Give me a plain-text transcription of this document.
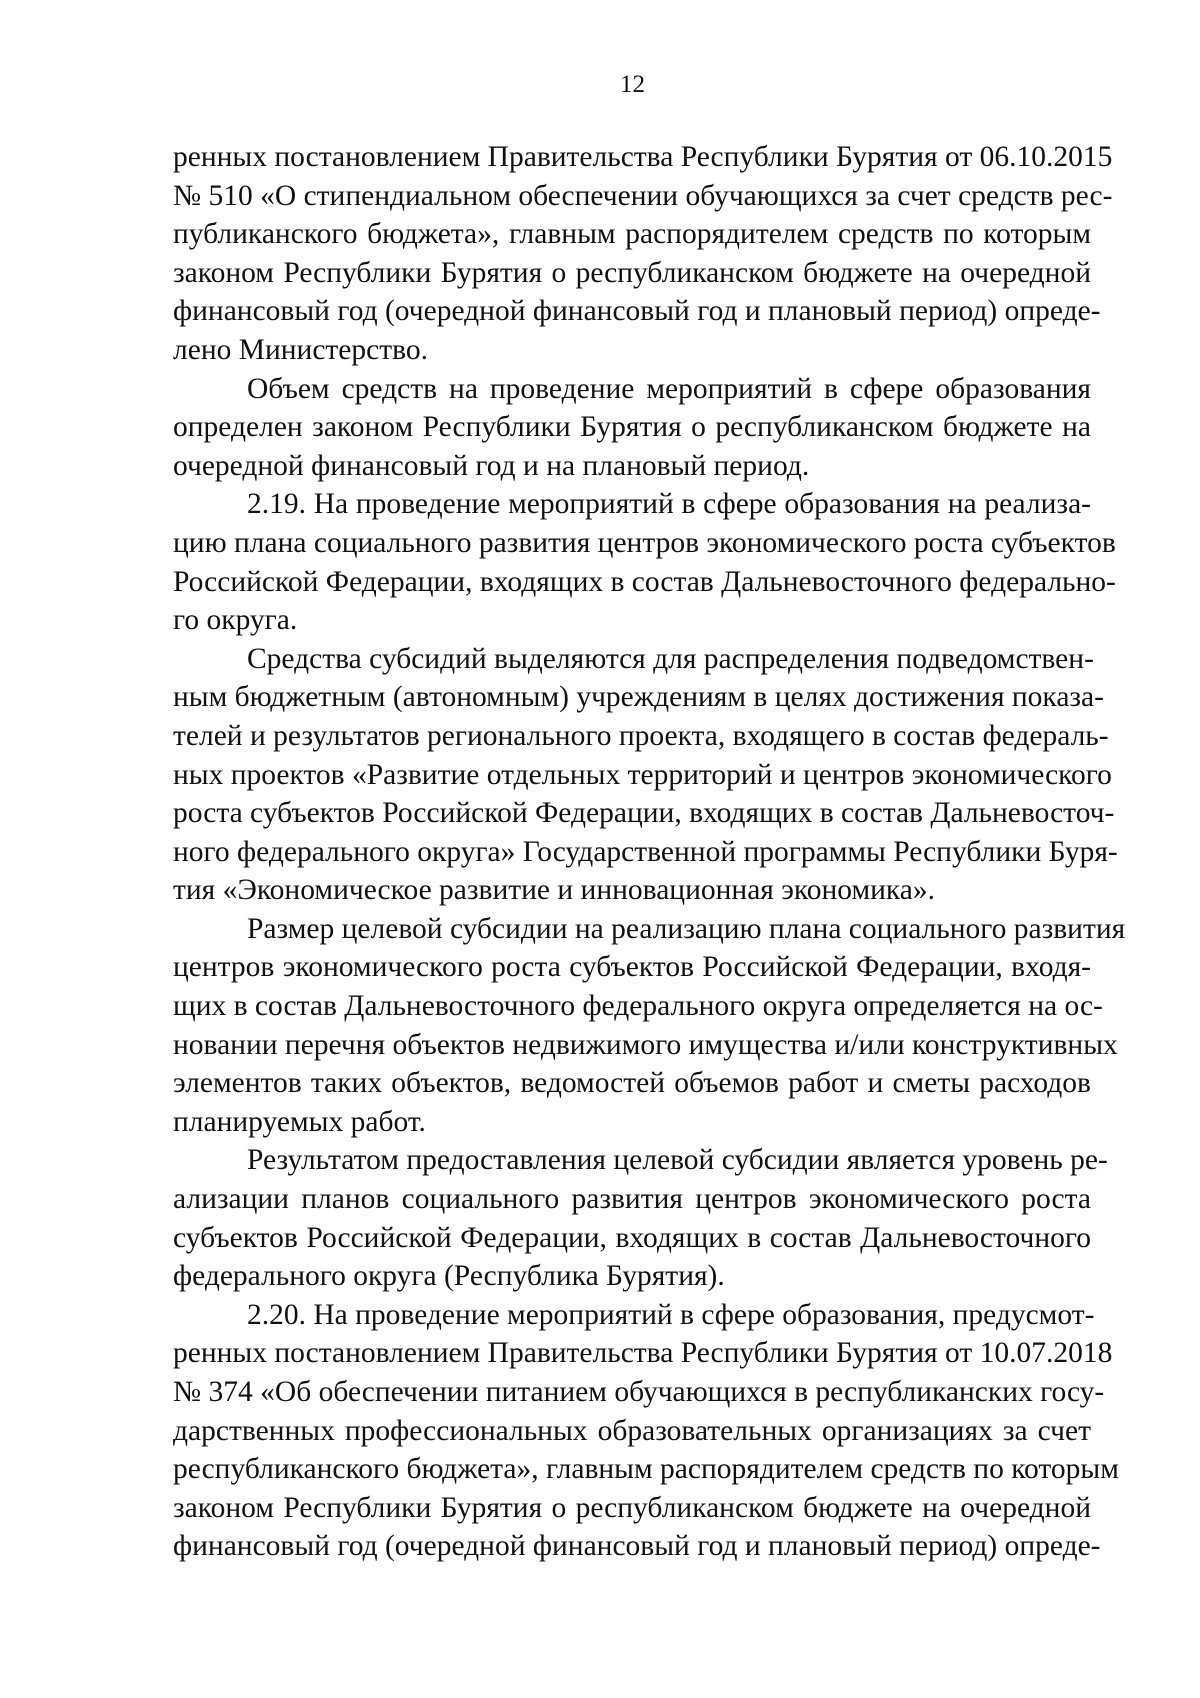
12
ренных постановлением Правительства Республики Бурятия от 06.10.2015
№ 510 «О стипендиальном обеспечении обучающихся за счет средств рес-
публиканского бюджета», главным распорядителем средств по которым
законом Республики Бурятия о республиканском бюджете на очередной
финансовый год (очередной финансовый год и плановый период) опреде-
лено Министерство.
Объем средств на проведение мероприятий в сфере образования
определен законом Республики Бурятия о республиканском бюджете на
очередной финансовый год и на плановый период.
2.19. На проведение мероприятий в сфере образования на реализа-
цию плана социального развития центров экономического роста субъектов
Российской Федерации, входящих в состав Дальневосточного федерально-
го округа.
Средства субсидий выделяются для распределения подведомствен-
ным бюджетным (автономным) учреждениям в целях достижения показа-
телей и результатов регионального проекта, входящего в состав федераль-
ных проектов «Развитие отдельных территорий и центров экономического
роста субъектов Российской Федерации, входящих в состав Дальневосточ-
ного федерального округа» Государственной программы Республики Буря-
тия «Экономическое развитие и инновационная экономика».
Размер целевой субсидии на реализацию плана социального развития
центров экономического роста субъектов Российской Федерации, входя-
щих в состав Дальневосточного федерального округа определяется на ос-
новании перечня объектов недвижимого имущества и/или конструктивных
элементов таких объектов, ведомостей объемов работ и сметы расходов
планируемых работ.
Результатом предоставления целевой субсидии является уровень ре-
ализации планов социального развития центров экономического роста
субъектов Российской Федерации, входящих в состав Дальневосточного
федерального округа (Республика Бурятия).
2.20. На проведение мероприятий в сфере образования, предусмот-
ренных постановлением Правительства Республики Бурятия от 10.07.2018
№ 374 «Об обеспечении питанием обучающихся в республиканских госу-
дарственных профессиональных образовательных организациях за счет
республиканского бюджета», главным распорядителем средств по которым
законом Республики Бурятия о республиканском бюджете на очередной
финансовый год (очередной финансовый год и плановый период) опреде-
